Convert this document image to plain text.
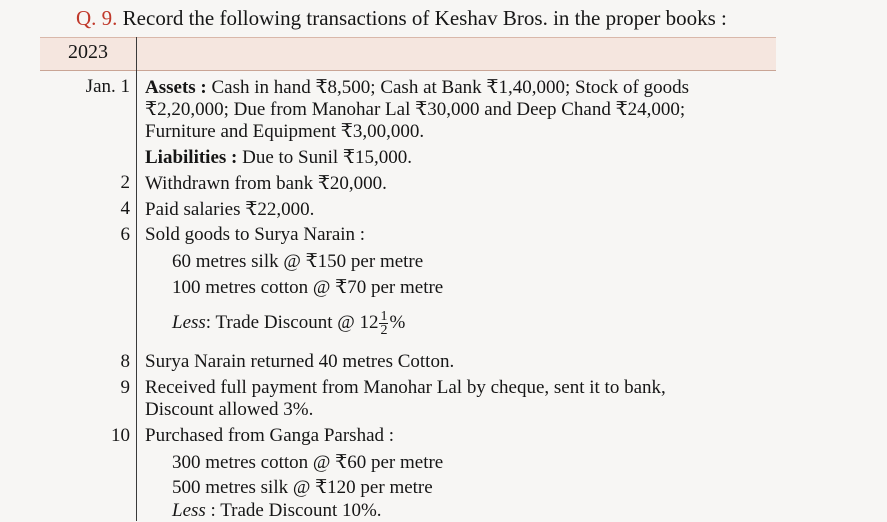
Q. 9. Record the following transactions of Keshav Bros. in the proper books :
2023
Jan. 1 Assets : Cash in hand ₹8,500; Cash at Bank ₹1,40,000; Stock of goods
₹2,20,000; Due from Manohar Lal ₹30,000 and Deep Chand ₹24,000;
Furniture and Equipment ₹3,00,000.
Liabilities : Due to Sunil ₹15,000.
2 Withdrawn from bank ₹20,000.
4 Paid salaries ₹22,000.
6 Sold goods to Surya Narain :
60 metres silk @ ₹150 per metre
100 metres cotton @ ₹70 per metre
Less: Trade Discount @ $12 \frac{1}{2}$ %
8 Surya Narain returned 40 metres Cotton.
9 Received full payment from Manohar Lal by cheque, sent it to bank,
Discount allowed 3%.
10 Purchased from Ganga Parshad :
300 metres cotton @ ₹60 per metre
500 metres silk @ ₹120 per metre
Less : Trade Discount 10%.
